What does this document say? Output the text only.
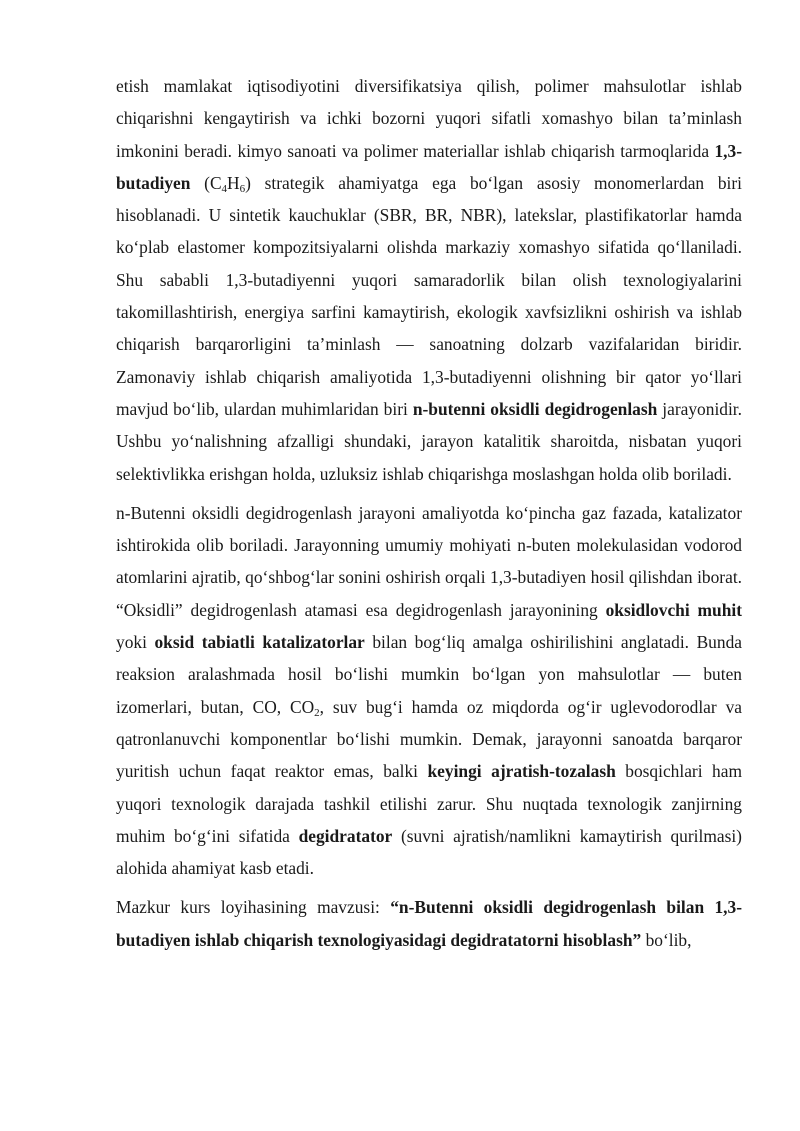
etish mamlakat iqtisodiyotini diversifikatsiya qilish, polimer mahsulotlar ishlab chiqarishni kengaytirish va ichki bozorni yuqori sifatli xomashyo bilan ta’minlash imkonini beradi. kimyo sanoati va polimer materiallar ishlab chiqarish tarmoqlarida 1,3-butadiyen $(C_4H_6)$ strategik ahamiyatga ega bo‘lgan asosiy monomerlardan biri hisoblanadi. U sintetik kauchuklar (SBR, BR, NBR), latekslar, plastifikatorlar hamda ko‘plab elastomer kompozitsiyalarni olishda markaziy xomashyo sifatida qo‘llaniladi. Shu sababli 1,3-butadiyenni yuqori samaradorlik bilan olish texnologiyalarini takomillashtirish, energiya sarfini kamaytirish, ekologik xavfsizlikni oshirish va ishlab chiqarish barqarorligini ta’minlash — sanoatning dolzarb vazifalaridan biridir. Zamonaviy ishlab chiqarish amaliyotida 1,3-butadiyenni olishning bir qator yo‘llari mavjud bo‘lib, ulardan muhimlaridan biri n-butenni oksidli degidrogenlash jarayonidir. Ushbu yo‘nalishning afzalligi shundaki, jarayon katalitik sharoitda, nisbatan yuqori selektivlikka erishgan holda, uzluksiz ishlab chiqarishga moslashgan holda olib boriladi.

n-Butenni oksidli degidrogenlash jarayoni amaliyotda ko‘pincha gaz fazada, katalizator ishtirokida olib boriladi. Jarayonning umumiy mohiyati n-buten molekulasidan vodorod atomlarini ajratib, qo‘shbog‘lar sonini oshirish orqali 1,3-butadiyen hosil qilishdan iborat. “Oksidli” degidrogenlash atamasi esa degidrogenlash jarayonining oksidlovchi muhit yoki oksid tabiatli katalizatorlar bilan bog‘liq amalga oshirilishini anglatadi. Bunda reaksion aralashmada hosil bo‘lishi mumkin bo‘lgan yon mahsulotlar — buten izomerlari, butan, CO, $CO_2$, suv bug‘i hamda oz miqdorda og‘ir uglevodorodlar va qatronlanuvchi komponentlar bo‘lishi mumkin. Demak, jarayonni sanoatda barqaror yuritish uchun faqat reaktor emas, balki keyingi ajratish-tozalash bosqichlari ham yuqori texnologik darajada tashkil etilishi zarur. Shu nuqtada texnologik zanjirning muhim bo‘g‘ini sifatida degidratator (suvni ajratish/namlikni kamaytirish qurilmasi) alohida ahamiyat kasb etadi.

Mazkur kurs loyihasining mavzusi: “n-Butenni oksidli degidrogenlash bilan 1,3-butadiyen ishlab chiqarish texnologiyasidagi degidratatorni hisoblash” bo‘lib,
